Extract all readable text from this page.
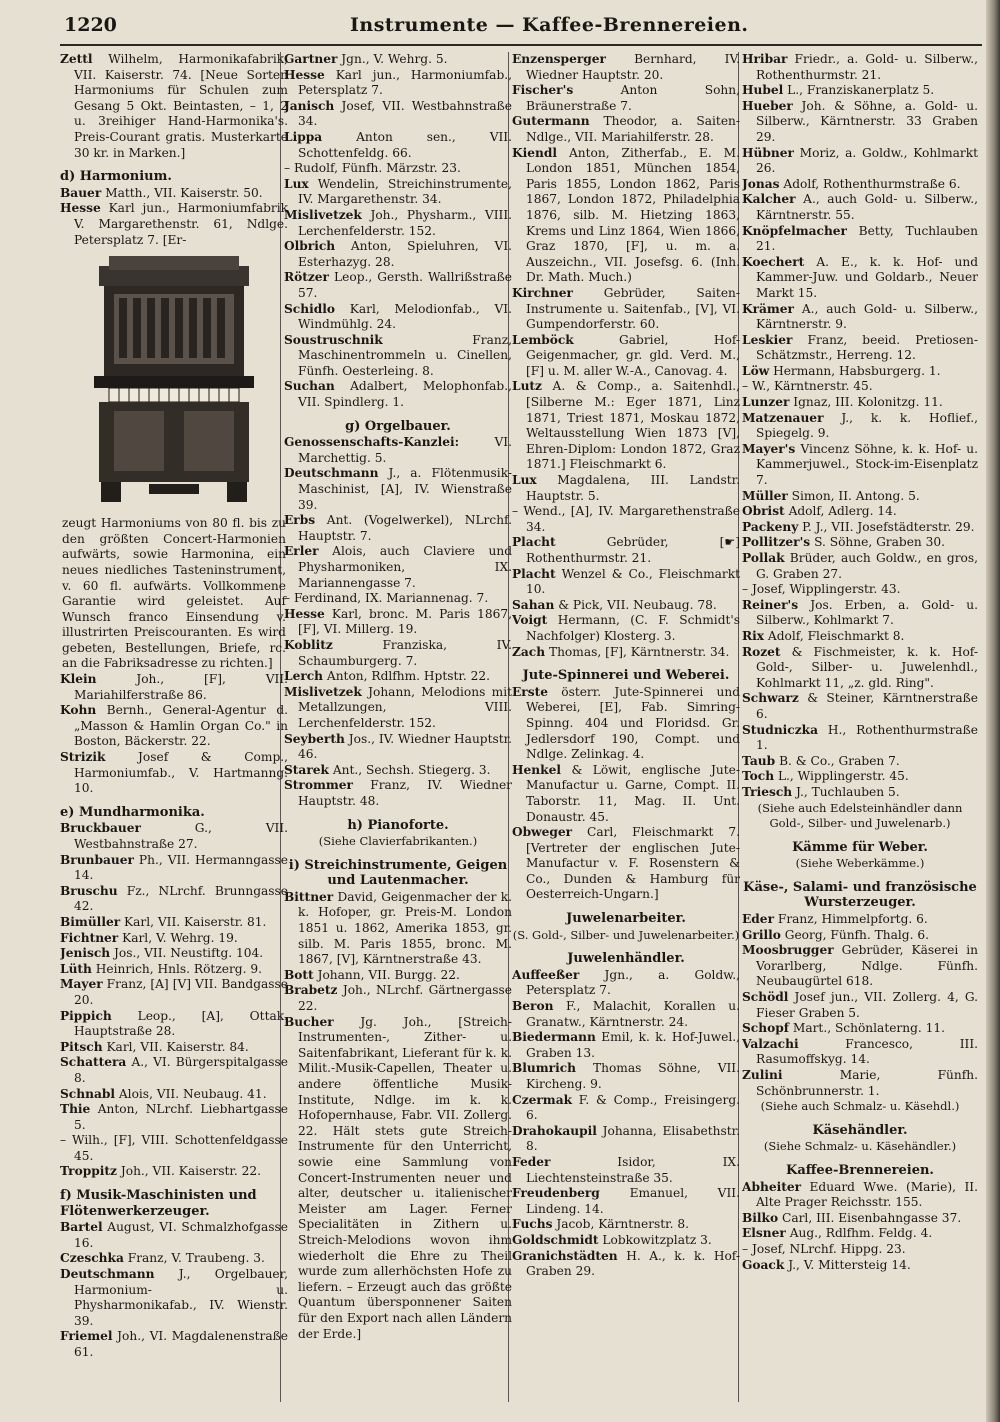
1220	Instrumente — Kaffee-Brennereien.
Zettl Wilhelm, Harmonikafabrik, VII. Kaiserstr. 74. [Neue Sorten Harmoniums für Schulen zum Gesang 5 Okt. Beintasten, – 1, 2 u. 3reihiger Hand-Harmonika's. Preis-Courant gratis. Musterkarte 30 kr. in Marken.]
d) Harmonium.
Bauer Matth., VII. Kaiserstr. 50.
Hesse Karl jun., Harmoniumfabrik V. Margarethenstr. 61, Ndlge. Petersplatz 7. [Er-
zeugt Harmoniums von 80 fl. bis zu den größten Concert-Harmonien aufwärts, sowie Harmonina, ein neues niedliches Tasteninstrument, v. 60 fl. aufwärts. Vollkommene Garantie wird geleistet. Auf Wunsch franco Einsendung v. illustrirten Preiscouranten. Es wird gebeten, Bestellungen, Briefe, rc. an die Fabriksadresse zu richten.]
Klein	Joh., [F], VII. Mariahilferstraße 86.
Kohn Bernh., General-Agentur d. „Masson & Hamlin Organ Co." in Boston, Bäckerstr. 22.
Strizik	Josef & Comp., Harmoniumfab., V. Hartmanng. 10.
e) Mundharmonika.
Bruckbauer	G., VII. Westbahnstraße 27.
Brunbauer Ph., VII. Hermanngasse 14.
Bruschu Fz., NLrchf. Brunngasse 42.
Bimüller Karl, VII. Kaiserstr. 81.
Fichtner Karl, V. Wehrg. 19.
Jenisch Jos., VII. Neustiftg. 104.
Lüth Heinrich, Hnls. Rötzerg. 9.
Mayer Franz, [A] [V] VII. Bandgasse 20.
Pippich Leop., [A], Ottak. Hauptstraße 28.
Pitsch Karl, VII. Kaiserstr. 84.
Schattera A., VI. Bürgerspitalgasse 8.
Schnabl Alois, VII. Neubaug. 41.
Thie Anton, NLrchf. Liebhartgasse 5.
– Wilh., [F], VIII. Schottenfeldgasse 45.
Troppitz Joh., VII. Kaiserstr. 22.
f) Musik-Maschinisten und Flötenwerkerzeuger.
Bartel August, VI. Schmalzhofgasse 16.
Czeschka Franz, V. Traubeng. 3.
Deutschmann J., Orgelbauer, Harmonium- u. Physharmonikafab., IV. Wienstr. 39.
Friemel Joh., VI. Magdalenenstraße 61.
Gartner Jgn., V. Wehrg. 5.
Hesse Karl jun., Harmoniumfab., Petersplatz 7.
Janisch Josef, VII. Westbahnstraße 34.
Lippa	Anton sen., VII. Schottenfeldg. 66.
– Rudolf, Fünfh. Märzstr. 23.
Lux Wendelin, Streichinstrumente, IV. Margarethenstr. 34.
Mislivetzek Joh., Physharm., VIII. Lerchenfelderstr. 152.
Olbrich Anton, Spieluhren, VI. Esterhazyg. 28.
Rötzer Leop., Gersth. Wallrißstraße 57.
Schidlo Karl, Melodionfab., VI. Windmühlg. 24.
Soustruschnik	Franz, Maschinentrommeln u. Cinellen, Fünfh. Oesterleing. 8.
Suchan Adalbert, Melophonfab., VII. Spindlerg. 1.
g) Orgelbauer.
Genossenschafts-Kanzlei:	VI. Marchettig. 5.
Deutschmann J., a. Flötenmusik-Maschinist, [A], IV. Wienstraße 39.
Erbs Ant. (Vogelwerkel), NLrchf. Hauptstr. 7.
Erler Alois, auch Claviere und Physharmoniken, IX. Mariannengasse 7.
– Ferdinand, IX. Mariannenag. 7.
Hesse Karl, bronc. M. Paris 1867, [F], VI. Millerg. 19.
Koblitz	Franziska, IV. Schaumburgerg. 7.
Lerch Anton, Rdlfhm. Hptstr. 22.
Mislivetzek Johann, Melodions mit Metallzungen, VIII. Lerchenfelderstr. 152.
Seyberth Jos., IV. Wiedner Hauptstr. 46.
Starek Ant., Sechsh. Stiegerg. 3.
Strommer Franz, IV. Wiedner Hauptstr. 48.
h) Pianoforte.
(Siehe Clavierfabrikanten.)
i) Streichinstrumente, Geigen und Lautenmacher.
Bittner David, Geigenmacher der k. k. Hofoper, gr. Preis-M. London 1851 u. 1862, Amerika 1853, gr. silb. M. Paris 1855, bronc. M. 1867, [V], Kärntnerstraße 43.
Bott Johann, VII. Burgg. 22.
Brabetz Joh., NLrchf. Gärtnergasse 22.
Bucher Jg. Joh., [Streich-Instrumenten-, Zither- u. Saitenfabrikant, Lieferant für k. k. Milit.-Musik-Capellen, Theater u. andere öffentliche Musik-Institute, Ndlge. im k. k. Hofopernhause, Fabr. VII. Zollerg. 22. Hält stets gute Streich-Instrumente für den Unterricht, sowie eine Sammlung von Concert-Instrumenten neuer und alter, deutscher u. italienischer Meister am Lager. Ferner Specialitäten in Zithern u. Streich-Melodions wovon ihm wiederholt die Ehre zu Theil wurde zum allerhöchsten Hofe zu liefern. – Erzeugt auch das größte Quantum übersponnener Saiten für den Export nach allen Ländern der Erde.]
Enzensperger Bernhard, IV. Wiedner Hauptstr. 20.
Fischer's	Anton Sohn, Bräunerstraße 7.
Gutermann Theodor, a. Saiten-Ndlge., VII. Mariahilferstr. 28.
Kiendl Anton, Zitherfab., E. M. London 1851, München 1854, Paris 1855, London 1862, Paris 1867, London 1872, Philadelphia 1876, silb. M. Hietzing 1863, Krems und Linz 1864, Wien 1866, Graz 1870, [F], u. m. a. Auszeichn., VII. Josefsg. 6. (Inh. Dr. Math. Much.)
Kirchner	Gebrüder, Saiten-Instrumente u. Saitenfab., [V], VI. Gumpendorferstr. 60.
Lemböck	Gabriel, Hof-Geigenmacher, gr. gld. Verd. M., [F] u. M. aller W.-A., Canovag. 4.
Lutz A. & Comp., a. Saitenhdl., [Silberne M.: Eger 1871, Linz 1871, Triest 1871, Moskau 1872, Weltausstellung Wien 1873 [V], Ehren-Diplom: London 1872, Graz 1871.] Fleischmarkt 6.
Lux Magdalena, III. Landstr. Hauptstr. 5.
– Wend., [A], IV. Margarethenstraße 34.
Placht	Gebrüder, [☛] Rothenthurmstr. 21.
Placht Wenzel & Co., Fleischmarkt 10.
Sahan & Pick, VII. Neubaug. 78.
Voigt Hermann, (C. F. Schmidt's Nachfolger) Klosterg. 3.
Zach Thomas, [F], Kärntnerstr. 34.
Jute-Spinnerei und Weberei.
Erste österr. Jute-Spinnerei und Weberei, [E], Fab. Simring-Spinng. 404 und Floridsd. Gr. Jedlersdorf 190, Compt. und Ndlge. Zelinkag. 4.
Henkel & Löwit, englische Jute-Manufactur u. Garne, Compt. II. Taborstr. 11, Mag. II. Unt. Donaustr. 45.
Obweger Carl, Fleischmarkt 7. [Vertreter der englischen Jute-Manufactur v. F. Rosenstern & Co., Dunden & Hamburg für Oesterreich-Ungarn.]
Juwelenarbeiter.
(S. Gold-, Silber- und Juwelenarbeiter.)
Juwelenhändler.
Auffeeßer Jgn., a. Goldw., Petersplatz 7.
Beron F., Malachit, Korallen u. Granatw., Kärntnerstr. 24.
Biedermann Emil, k. k. Hof-Juwel., Graben 13.
Blumrich Thomas Söhne, VII. Kircheng. 9.
Czermak F. & Comp., Freisingerg. 6.
Drahokaupil Johanna, Elisabethstr. 8.
Feder	Isidor, IX. Liechtensteinstraße 35.
Freudenberg Emanuel, VII. Lindeng. 14.
Fuchs Jacob, Kärntnerstr. 8.
Goldschmidt Lobkowitzplatz 3.
Granichstädten H. A., k. k. Hof-Graben 29.
Hribar Friedr., a. Gold- u. Silberw., Rothenthurmstr. 21.
Hubel L., Franziskanerplatz 5.
Hueber Joh. & Söhne, a. Gold- u. Silberw., Kärntnerstr. 33 Graben 29.
Hübner Moriz, a. Goldw., Kohlmarkt 26.
Jonas Adolf, Rothenthurmstraße 6.
Kalcher A., auch Gold- u. Silberw., Kärntnerstr. 55.
Knöpfelmacher Betty, Tuchlauben 21.
Koechert A. E., k. k. Hof- und Kammer-Juw. und Goldarb., Neuer Markt 15.
Krämer A., auch Gold- u. Silberw., Kärntnerstr. 9.
Leskier Franz, beeid. Pretiosen-Schätzmstr., Herreng. 12.
Löw Hermann, Habsburgerg. 1.
– W., Kärntnerstr. 45.
Lunzer Ignaz, III. Kolonitzg. 11.
Matzenauer J., k. k. Hoflief., Spiegelg. 9.
Mayer's Vincenz Söhne, k. k. Hof- u. Kammerjuwel., Stock-im-Eisenplatz 7.
Müller Simon, II. Antong. 5.
Obrist Adolf, Adlerg. 14.
Packeny P. J., VII. Josefstädterstr. 29.
Pollitzer's S. Söhne, Graben 30.
Pollak Brüder, auch Goldw., en gros, G. Graben 27.
– Josef, Wipplingerstr. 43.
Reiner's Jos. Erben, a. Gold- u. Silberw., Kohlmarkt 7.
Rix Adolf, Fleischmarkt 8.
Rozet & Fischmeister, k. k. Hof-Gold-, Silber- u. Juwelenhdl., Kohlmarkt 11, „z. gld. Ring".
Schwarz & Steiner, Kärntnerstraße 6.
Studniczka H., Rothenthurmstraße 1.
Taub B. & Co., Graben 7.
Toch L., Wipplingerstr. 45.
Triesch J., Tuchlauben 5.
(Siehe auch Edelsteinhändler dann Gold-, Silber- und Juwelenarb.)
Kämme für Weber.
(Siehe Weberkämme.)
Käse-, Salami- und französische Wursterzeuger.
Eder Franz, Himmelpfortg. 6.
Grillo Georg, Fünfh. Thalg. 6.
Moosbrugger Gebrüder, Käserei in Vorarlberg, Ndlge. Fünfh. Neubaugürtel 618.
Schödl Josef jun., VII. Zollerg. 4, G. Fieser Graben 5.
Schopf Mart., Schönlaterng. 11.
Valzachi	Francesco, III. Rasumoffskyg. 14.
Zulini	Marie, Fünfh. Schönbrunnerstr. 1.
(Siehe auch Schmalz- u. Käsehdl.)
Käsehändler.
(Siehe Schmalz- u. Käsehändler.)
Kaffee-Brennereien.
Abheiter Eduard Wwe. (Marie), II. Alte Prager Reichsstr. 155.
Bilko Carl, III. Eisenbahngasse 37.
Elsner Aug., Rdlfhm. Feldg. 4.
– Josef, NLrchf. Hippg. 23.
Goack J., V. Mittersteig 14.
